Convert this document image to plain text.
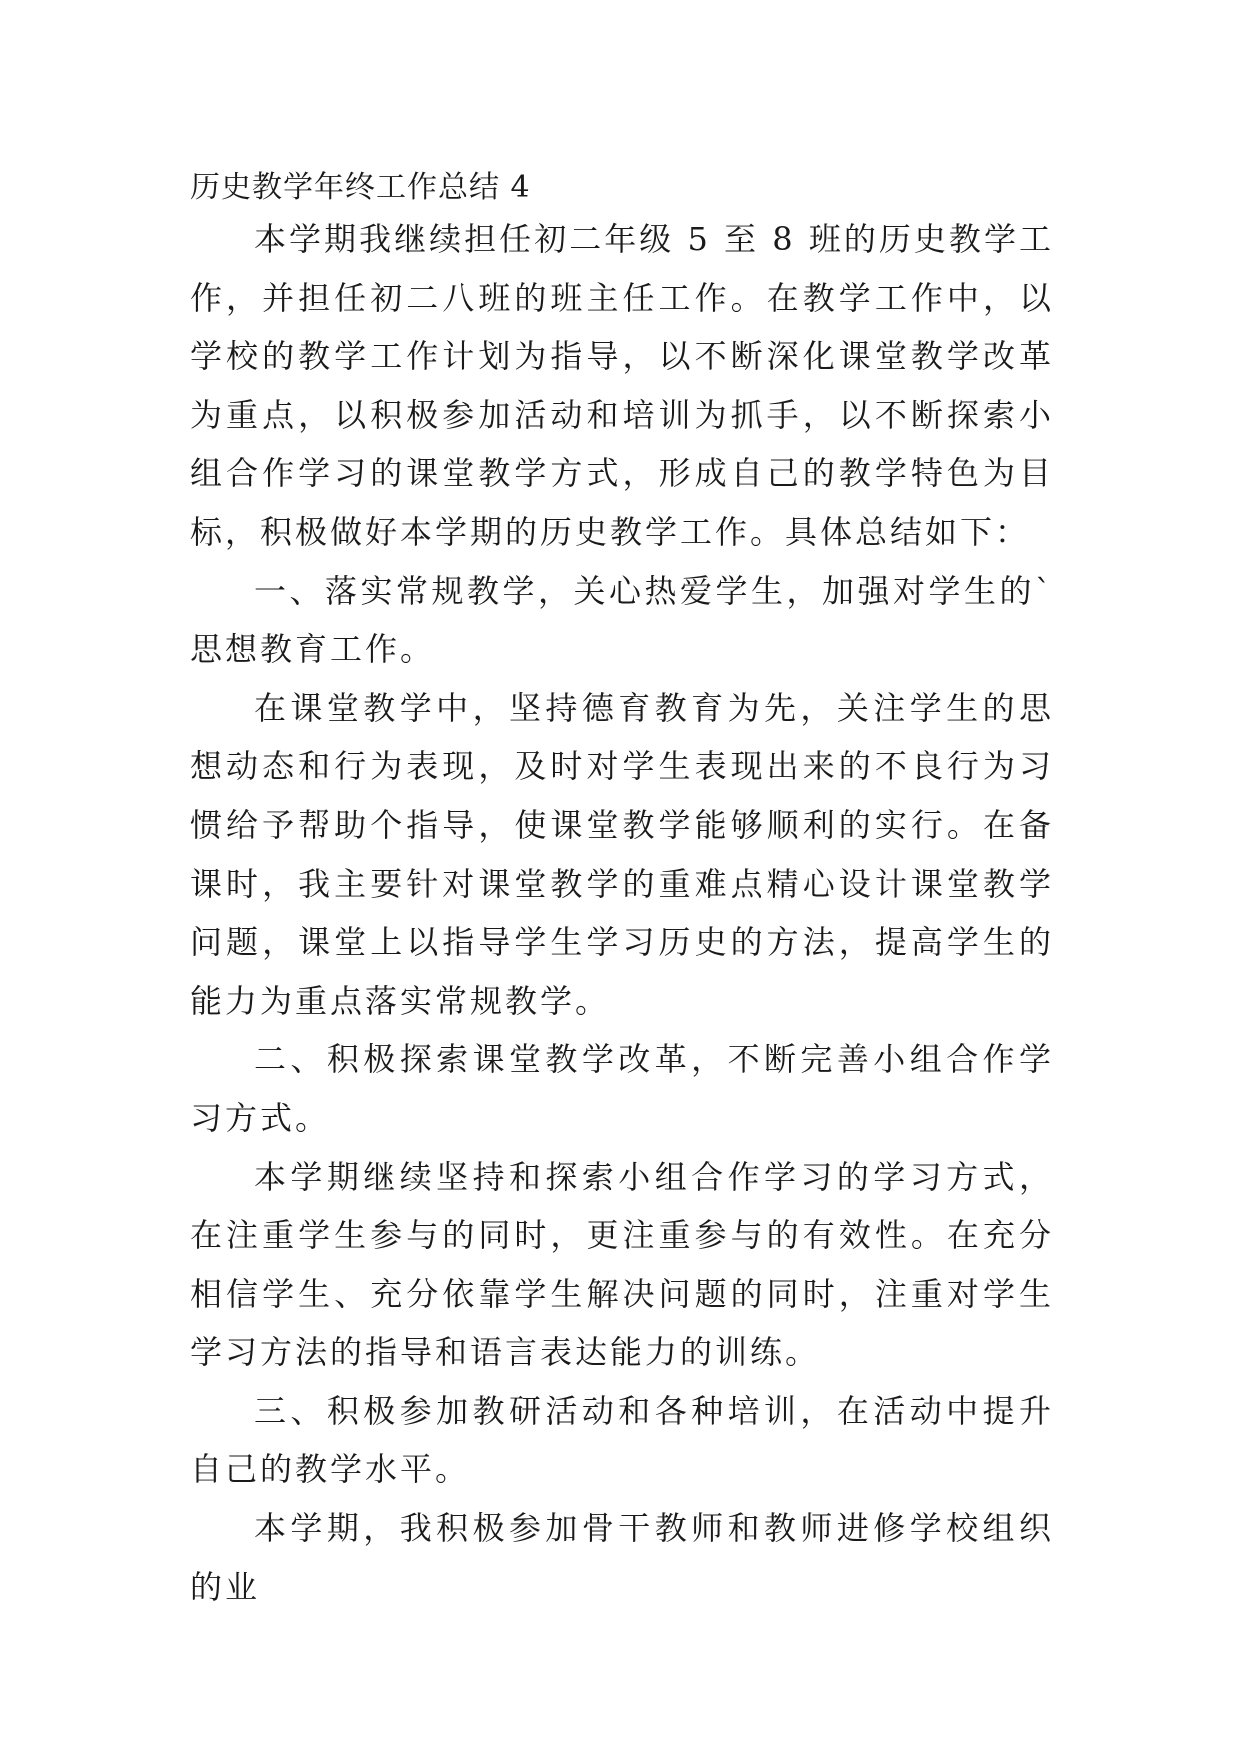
历史教学年终工作总结 4

本学期我继续担任初二年级 5 至 8 班的历史教学工作，并担任初二八班的班主任工作。在教学工作中，以学校的教学工作计划为指导，以不断深化课堂教学改革为重点，以积极参加活动和培训为抓手，以不断探索小组合作学习的课堂教学方式，形成自己的教学特色为目标，积极做好本学期的历史教学工作。具体总结如下：

一、落实常规教学，关心热爱学生，加强对学生的`思想教育工作。

在课堂教学中，坚持德育教育为先，关注学生的思想动态和行为表现，及时对学生表现出来的不良行为习惯给予帮助个指导，使课堂教学能够顺利的实行。在备课时，我主要针对课堂教学的重难点精心设计课堂教学问题，课堂上以指导学生学习历史的方法，提高学生的能力为重点落实常规教学。

二、积极探索课堂教学改革，不断完善小组合作学习方式。

本学期继续坚持和探索小组合作学习的学习方式，在注重学生参与的同时，更注重参与的有效性。在充分相信学生、充分依靠学生解决问题的同时，注重对学生学习方法的指导和语言表达能力的训练。

三、积极参加教研活动和各种培训，在活动中提升自己的教学水平。

本学期，我积极参加骨干教师和教师进修学校组织的业
